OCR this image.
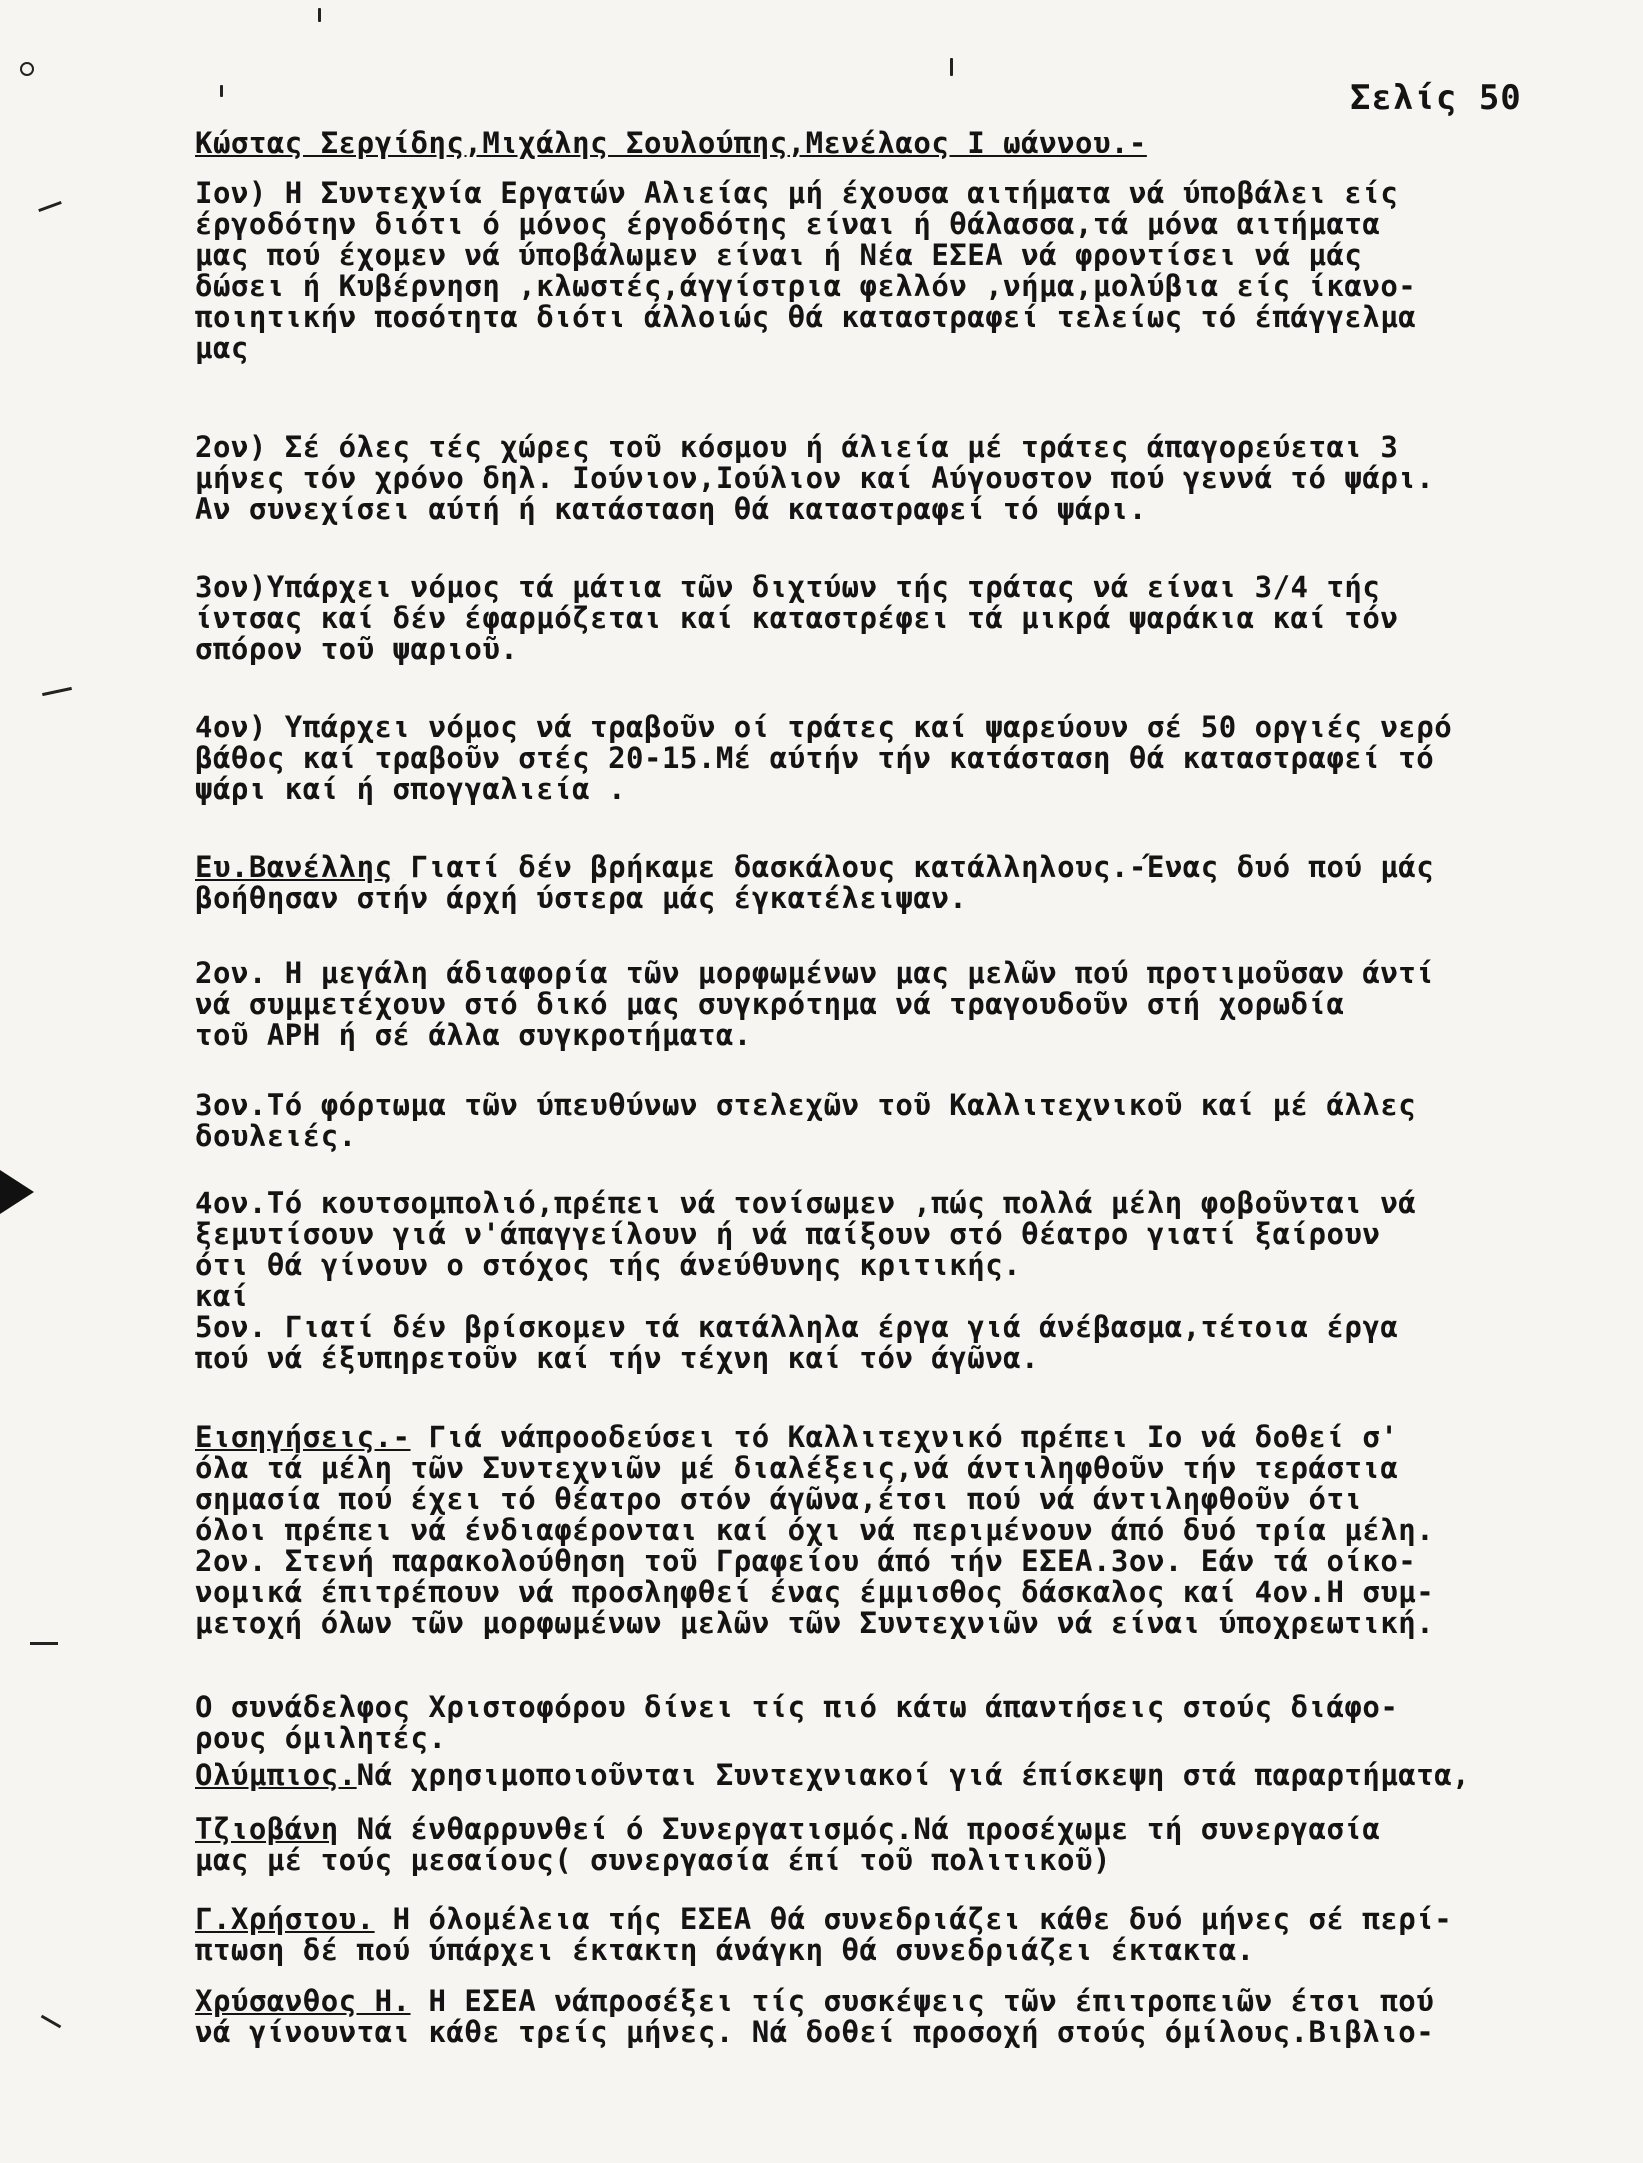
Σελίς 50
Κώστας Σεργίδης,Μιχάλης Σουλούπης,Μενέλαος Ι ωάννου.-
Ιον) Η Συντεχνία Εργατών Αλιείας μή έχουσα αιτήματα νά ύποβάλει είς
έργοδότην διότι ό μόνος έργοδότης είναι ή θάλασσα,τά μόνα αιτήματα
μας πού έχομεν νά ύποβάλωμεν είναι ή Νέα ΕΣΕΑ νά φροντίσει νά μάς
δώσει ή Κυβέρνηση ,κλωστές,άγγίστρια φελλόν ,νήμα,μολύβια είς ίκανο-
ποιητικήν ποσότητα διότι άλλοιώς θά καταστραφεί τελείως τό έπάγγελμα
μας
2ον) Σέ όλες τές χώρες τοῦ κόσμου ή άλιεία μέ τράτες άπαγορεύεται 3
μήνες τόν χρόνο δηλ. Ιούνιον,Ιούλιον καί Αύγουστον πού γεννά τό ψάρι.
Αν συνεχίσει αύτή ή κατάσταση θά καταστραφεί τό ψάρι.
3ον)Υπάρχει νόμος τά μάτια τῶν διχτύων τής τράτας νά είναι 3/4 τής
ίντσας καί δέν έφαρμόζεται καί καταστρέφει τά μικρά ψαράκια καί τόν
σπόρον τοῦ ψαριοῦ.
4ον) Υπάρχει νόμος νά τραβοῦν οί τράτες καί ψαρεύουν σέ 50 οργιές νερό
βάθος καί τραβοῦν στές 20-15.Μέ αύτήν τήν κατάσταση θά καταστραφεί τό
ψάρι καί ή σπογγαλιεία .
Ευ.Βανέλλης Γιατί δέν βρήκαμε δασκάλους κατάλληλους.-Ένας δυό πού μάς
βοήθησαν στήν άρχή ύστερα μάς έγκατέλειψαν.
2ον. Η μεγάλη άδιαφορία τῶν μορφωμένων μας μελῶν πού προτιμοῦσαν άντί
νά συμμετέχουν στό δικό μας συγκρότημα νά τραγουδοῦν στή χορωδία
τοῦ ΑΡΗ ή σέ άλλα συγκροτήματα.
3ον.Τό φόρτωμα τῶν ύπευθύνων στελεχῶν τοῦ Καλλιτεχνικοῦ καί μέ άλλες
δουλειές.
4ον.Τό κουτσομπολιό,πρέπει νά τονίσωμεν ,πώς πολλά μέλη φοβοῦνται νά
ξεμυτίσουν γιά ν'άπαγγείλουν ή νά παίξουν στό θέατρο γιατί ξαίρουν
ότι θά γίνουν ο στόχος τής άνεύθυνης κριτικής.
καί
5ον. Γιατί δέν βρίσκομεν τά κατάλληλα έργα γιά άνέβασμα,τέτοια έργα
πού νά έξυπηρετοῦν καί τήν τέχνη καί τόν άγῶνα.
Εισηγήσεις.- Γιά νάπροοδεύσει τό Καλλιτεχνικό πρέπει Ιο νά δοθεί σ'
όλα τά μέλη τῶν Συντεχνιῶν μέ διαλέξεις,νά άντιληφθοῦν τήν τεράστια
σημασία πού έχει τό θέατρο στόν άγῶνα,έτσι πού νά άντιληφθοῦν ότι
όλοι πρέπει νά ένδιαφέρονται καί όχι νά περιμένουν άπό δυό τρία μέλη.
2ον. Στενή παρακολούθηση τοῦ Γραφείου άπό τήν ΕΣΕΑ.3ον. Εάν τά οίκο-
νομικά έπιτρέπουν νά προσληφθεί ένας έμμισθος δάσκαλος καί 4ον.Η συμ-
μετοχή όλων τῶν μορφωμένων μελῶν τῶν Συντεχνιῶν νά είναι ύποχρεωτική.
Ο συνάδελφος Χριστοφόρου δίνει τίς πιό κάτω άπαντήσεις στούς διάφο-
ρους όμιλητές.
Ολύμπιος.Νά χρησιμοποιοῦνται Συντεχνιακοί γιά έπίσκεψη στά παραρτήματα,
Τζιοβάνη Νά ένθαρρυνθεί ό Συνεργατισμός.Νά προσέχωμε τή συνεργασία
μας μέ τούς μεσαίους( συνεργασία έπί τοῦ πολιτικοῦ)
Γ.Χρήστου. Η όλομέλεια τής ΕΣΕΑ θά συνεδριάζει κάθε δυό μήνες σέ περί-
πτωση δέ πού ύπάρχει έκτακτη άνάγκη θά συνεδριάζει έκτακτα.
Χρύσανθος Η. Η ΕΣΕΑ νάπροσέξει τίς συσκέψεις τῶν έπιτροπειῶν έτσι πού
νά γίνουνται κάθε τρείς μήνες. Νά δοθεί προσοχή στούς όμίλους.Βιβλιο-
